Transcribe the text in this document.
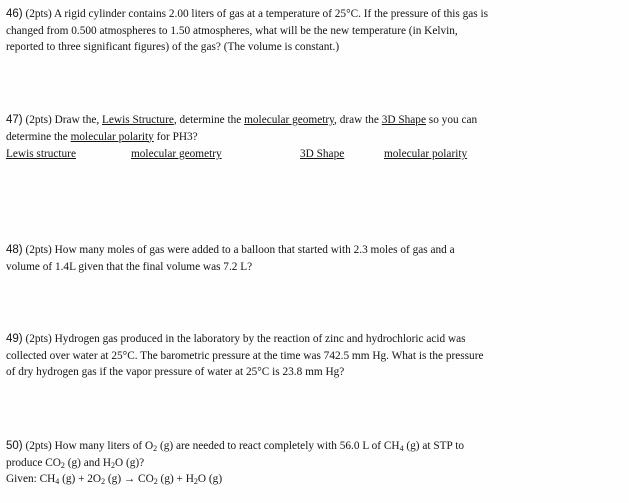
46) (2pts) A rigid cylinder contains 2.00 liters of gas at a temperature of 25°C. If the pressure of this gas is
changed from 0.500 atmospheres to 1.50 atmospheres, what will be the new temperature (in Kelvin,
reported to three significant figures) of the gas? (The volume is constant.)
47) (2pts) Draw the, Lewis Structure, determine the molecular geometry, draw the 3D Shape so you can
determine the molecular polarity for PH3?
Lewis structure	molecular geometry	3D Shape	molecular polarity
48) (2pts) How many moles of gas were added to a balloon that started with 2.3 moles of gas and a
volume of 1.4L given that the final volume was 7.2 L?
49) (2pts) Hydrogen gas produced in the laboratory by the reaction of zinc and hydrochloric acid was
collected over water at 25°C. The barometric pressure at the time was 742.5 mm Hg. What is the pressure
of dry hydrogen gas if the vapor pressure of water at 25°C is 23.8 mm Hg?
50) (2pts) How many liters of $O_2$ (g) are needed to react completely with 56.0 L of $CH_4$ (g) at STP to
produce $CO_2$ (g) and $H_2O$ (g)?
Given: $CH_4$ $(g) + 2O_2$ $(g) \to CO_2$ $(g) + H_2O$ (g)
